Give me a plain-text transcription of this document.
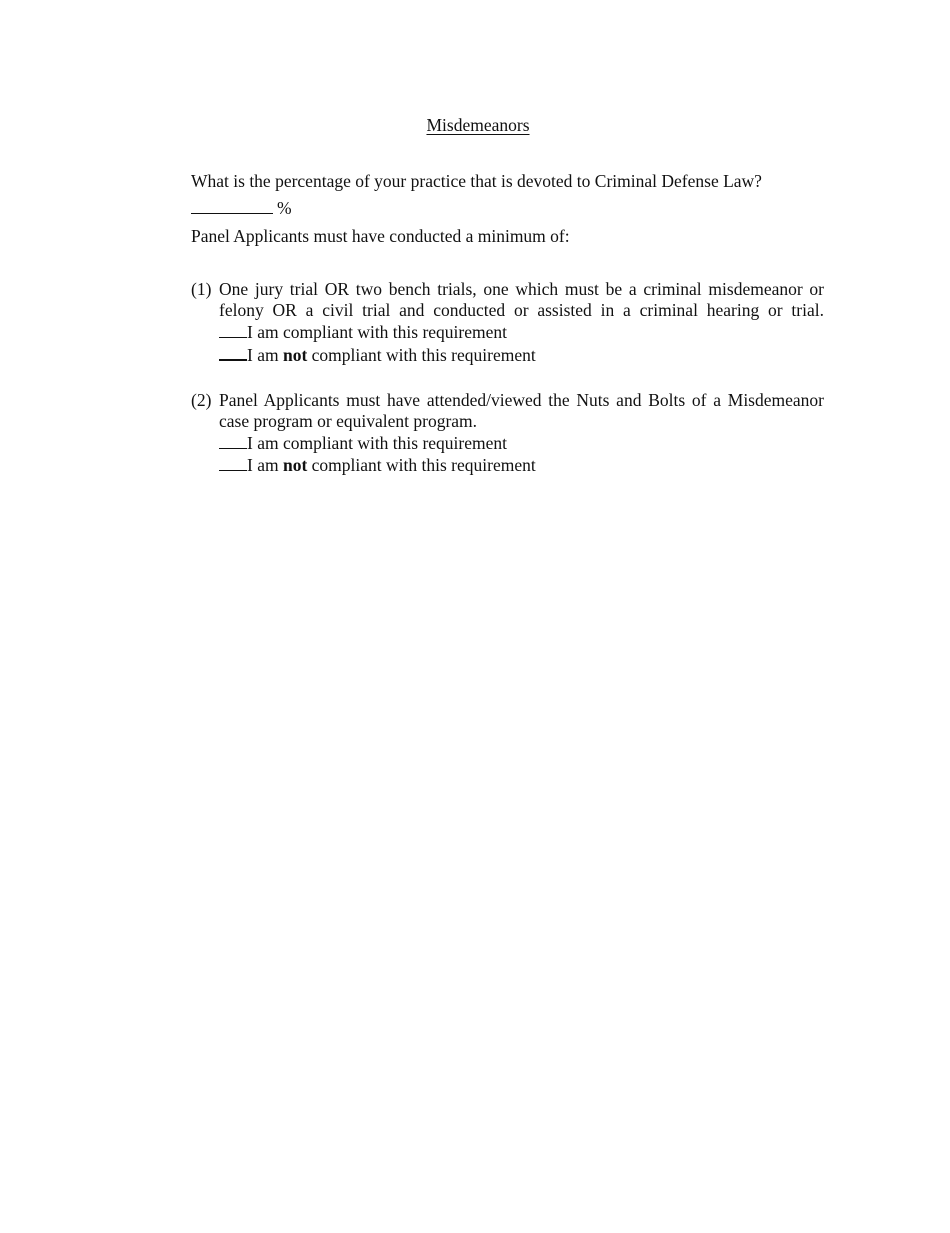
Misdemeanors
What is the percentage of your practice that is devoted to Criminal Defense Law?
%
Panel Applicants must have conducted a minimum of:
(1) One jury trial OR two bench trials, one which must be a criminal misdemeanor or
felony OR a civil trial and conducted or assisted in a criminal hearing or trial.
I am compliant with this requirement
I am not compliant with this requirement
(2) Panel Applicants must have attended/viewed the Nuts and Bolts of a Misdemeanor
case program or equivalent program.
I am compliant with this requirement
I am not compliant with this requirement
